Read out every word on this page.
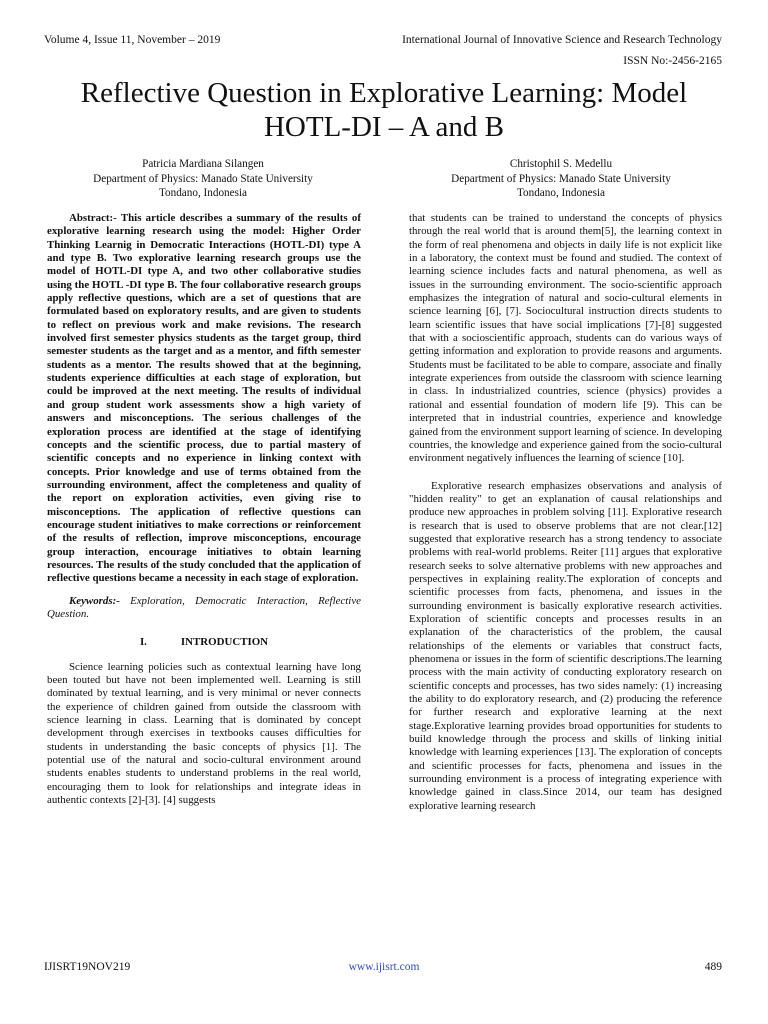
Volume 4, Issue 11, November – 2019	International Journal of Innovative Science and Research Technology
ISSN No:-2456-2165
Reflective Question in Explorative Learning: Model
HOTL-DI – A and B
Patricia Mardiana Silangen
Department of Physics: Manado State University
Tondano, Indonesia
Christophil S. Medellu
Department of Physics: Manado State University
Tondano, Indonesia

Abstract:- This article describes a summary of the results of explorative learning research using the model: Higher Order Thinking Learnig in Democratic Interactions (HOTL-DI) type A and type B. Two explorative learning research groups use the model of HOTL-DI type A, and two other collaborative studies using the HOTL -DI type B. The four collaborative research groups apply reflective questions, which are a set of questions that are formulated based on exploratory results, and are given to students to reflect on previous work and make revisions. The research involved first semester physics students as the target group, third semester students as the target and as a mentor, and fifth semester students as a mentor. The results showed that at the beginning, students experience difficulties at each stage of exploration, but could be improved at the next meeting. The results of individual and group student work assessments show a high variety of answers and misconceptions. The serious challenges of the exploration process are identified at the stage of identifying concepts and the scientific process, due to partial mastery of scientific concepts and no experience in linking context with concepts. Prior knowledge and use of terms obtained from the surrounding environment, affect the completeness and quality of the report on exploration activities, even giving rise to misconceptions. The application of reflective questions can encourage student initiatives to make corrections or reinforcement of the results of reflection, improve misconceptions, encourage group interaction, encourage initiatives to obtain learning resources. The results of the study concluded that the application of reflective questions became a necessity in each stage of exploration.

Keywords:- Exploration, Democratic Interaction, Reflective Question.

I.	INTRODUCTION

Science learning policies such as contextual learning have long been touted but have not been implemented well. Learning is still dominated by textual learning, and is very minimal or never connects the experience of children gained from outside the classroom with science learning in class. Learning that is dominated by concept development through exercises in textbooks causes difficulties for students in understanding the basic concepts of physics [1]. The potential use of the natural and socio-cultural environment around students enables students to understand problems in the real world, encouraging them to look for relationships and integrate ideas in authentic contexts [2]-[3]. [4] suggests

that students can be trained to understand the concepts of physics through the real world that is around them[5], the learning context in the form of real phenomena and objects in daily life is not explicit like in a laboratory, the context must be found and studied. The context of learning science includes facts and natural phenomena, as well as issues in the surrounding environment. The socio-scientific approach emphasizes the integration of natural and socio-cultural elements in science learning [6], [7]. Sociocultural instruction directs students to learn scientific issues that have social implications [7]-[8] suggested that with a socioscientific approach, students can do various ways of getting information and exploration to provide reasons and arguments. Students must be facilitated to be able to compare, associate and finally integrate experiences from outside the classroom with science learning in class. In industrialized countries, science (physics) provides a rational and essential foundation of modern life [9). This can be interpreted that in industrial countries, experience and knowledge gained from the environment support learning of science. In developing countries, the knowledge and experience gained from the socio-cultural environment negatively influences the learning of science [10].

Explorative research emphasizes observations and analysis of "hidden reality" to get an explanation of causal relationships and produce new approaches in problem solving [11]. Explorative research is research that is used to observe problems that are not clear.[12] suggested that explorative research has a strong tendency to associate problems with real-world problems. Reiter [11] argues that explorative research seeks to solve alternative problems with new approaches and perspectives in explaining reality.The exploration of concepts and scientific processes from facts, phenomena, and issues in the surrounding environment is basically explorative research activities. Exploration of scientific concepts and processes results in an explanation of the characteristics of the problem, the causal relationships of the elements or variables that construct facts, phenomena or issues in the form of scientific descriptions.The learning process with the main activity of conducting exploratory research on scientific concepts and processes, has two sides namely: (1) increasing the ability to do exploratory research, and (2) producing the reference for further research and explorative learning at the next stage.Explorative learning provides broad opportunities for students to build knowledge through the process and skills of linking initial knowledge with learning experiences [13]. The exploration of concepts and scientific processes for facts, phenomena and issues in the surrounding environment is a process of integrating experience with knowledge gained in class.Since 2014, our team has designed explorative learning research

IJISRT19NOV219	www.ijisrt.com	489
